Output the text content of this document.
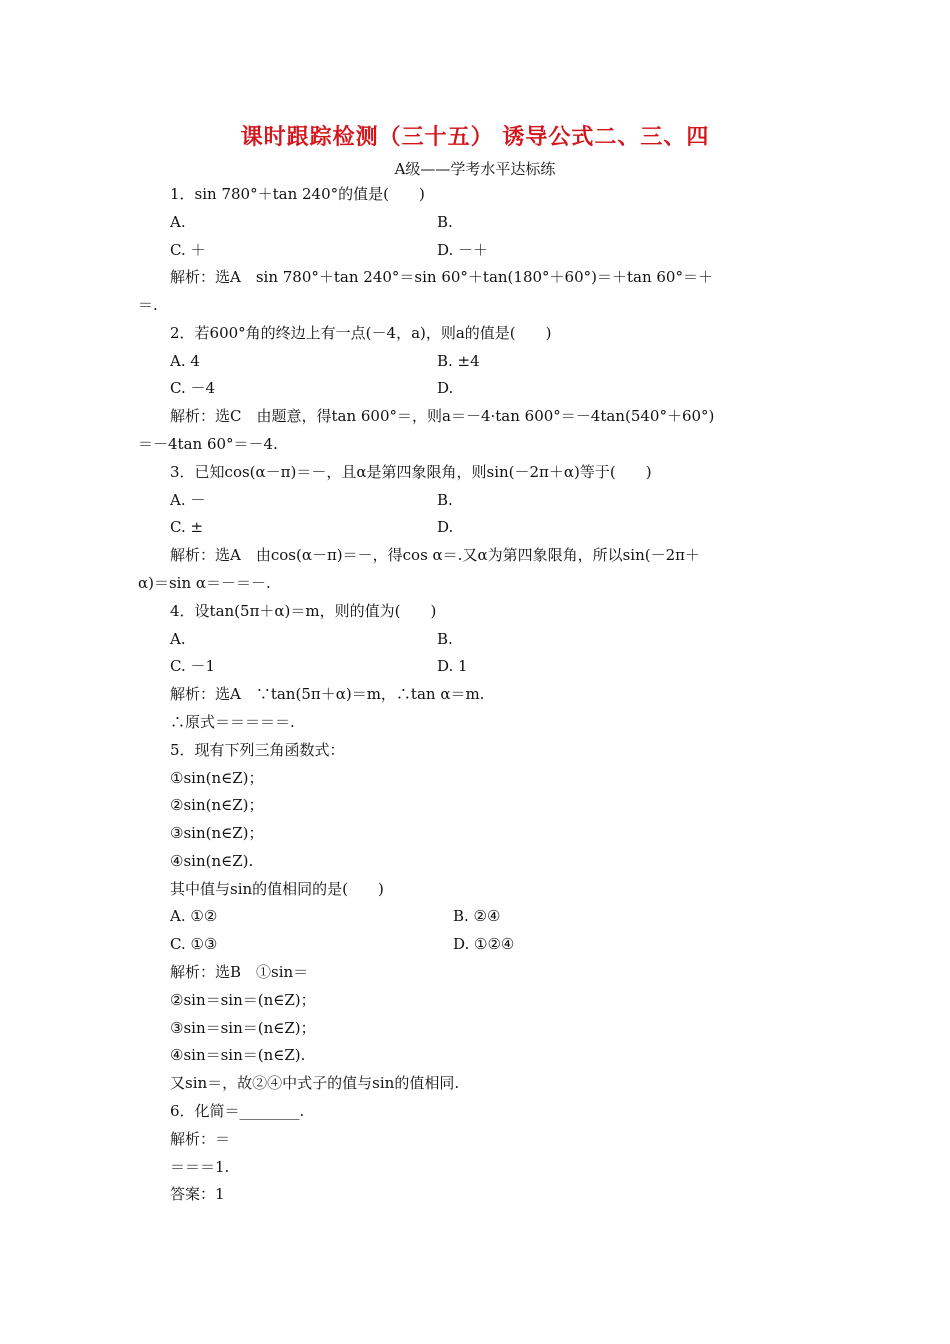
课时跟踪检测（三十五） 诱导公式二、三、四
A级——学考水平达标练
1．sin 780°＋tan 240°的值是(　　)
A.	B.
C. ＋	D. －＋
解析：选A　sin 780°＋tan 240°＝sin 60°＋tan(180°＋60°)＝＋tan 60°＝＋
＝.
2．若600°角的终边上有一点(－4，a)，则a的值是(　　)
A. 4	B. ±4
C. －4	D.
解析：选C　由题意，得tan 600°＝，则a＝－4·tan 600°＝－4tan(540°＋60°)
＝－4tan 60°＝－4.
3．已知cos(α－π)＝－，且α是第四象限角，则sin(－2π＋α)等于(　　)
A. －	B.
C. ±	D.
解析：选A　由cos(α－π)＝－，得cos α＝.又α为第四象限角，所以sin(－2π＋
α)＝sin α＝－＝－.
4．设tan(5π＋α)＝m，则的值为(　　)
A.	B.
C. －1	D. 1
解析：选A　∵tan(5π＋α)＝m，∴tan α＝m.
∴原式＝＝＝＝＝.
5．现有下列三角函数式：
①sin(n∈Z)；
②sin(n∈Z)；
③sin(n∈Z)；
④sin(n∈Z).
其中值与sin的值相同的是(　　)
A. ①②	B. ②④
C. ①③	D. ①②④
解析：选B　①sin＝
②sin＝sin＝(n∈Z)；
③sin＝sin＝(n∈Z)；
④sin＝sin＝(n∈Z).
又sin＝，故②④中式子的值与sin的值相同.
6．化简＝________.
解析：＝
＝＝＝1.
答案：1
